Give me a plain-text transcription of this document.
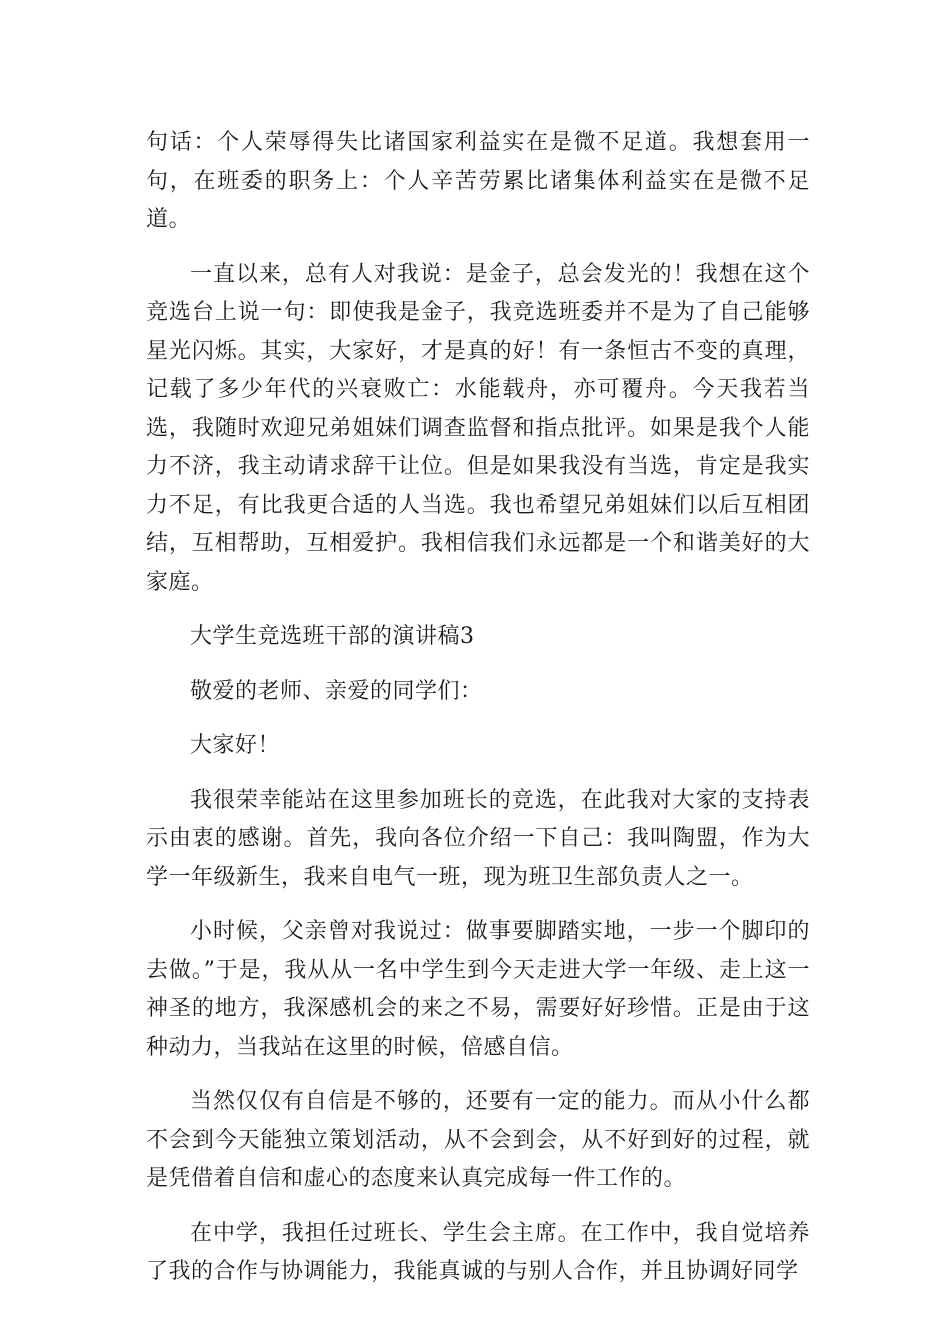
句话：个人荣辱得失比诸国家利益实在是微不足道。我想套用一句，在班委的职务上：个人辛苦劳累比诸集体利益实在是微不足道。

一直以来，总有人对我说：是金子，总会发光的！我想在这个竞选台上说一句：即使我是金子，我竞选班委并不是为了自己能够星光闪烁。其实，大家好，才是真的好！有一条恒古不变的真理，记载了多少年代的兴衰败亡：水能载舟，亦可覆舟。今天我若当选，我随时欢迎兄弟姐妹们调查监督和指点批评。如果是我个人能力不济，我主动请求辞干让位。但是如果我没有当选，肯定是我实力不足，有比我更合适的人当选。我也希望兄弟姐妹们以后互相团结，互相帮助，互相爱护。我相信我们永远都是一个和谐美好的大家庭。

大学生竞选班干部的演讲稿3

敬爱的老师、亲爱的同学们：

大家好！

我很荣幸能站在这里参加班长的竞选，在此我对大家的支持表示由衷的感谢。首先，我向各位介绍一下自己：我叫陶盟，作为大学一年级新生，我来自电气一班，现为班卫生部负责人之一。

小时候，父亲曾对我说过：做事要脚踏实地，一步一个脚印的去做。”于是，我从从一名中学生到今天走进大学一年级、走上这一神圣的地方，我深感机会的来之不易，需要好好珍惜。正是由于这种动力，当我站在这里的时候，倍感自信。

当然仅仅有自信是不够的，还要有一定的能力。而从小什么都不会到今天能独立策划活动，从不会到会，从不好到好的过程，就是凭借着自信和虚心的态度来认真完成每一件工作的。

在中学，我担任过班长、学生会主席。在工作中，我自觉培养了我的合作与协调能力，我能真诚的与别人合作，并且协调好同学
